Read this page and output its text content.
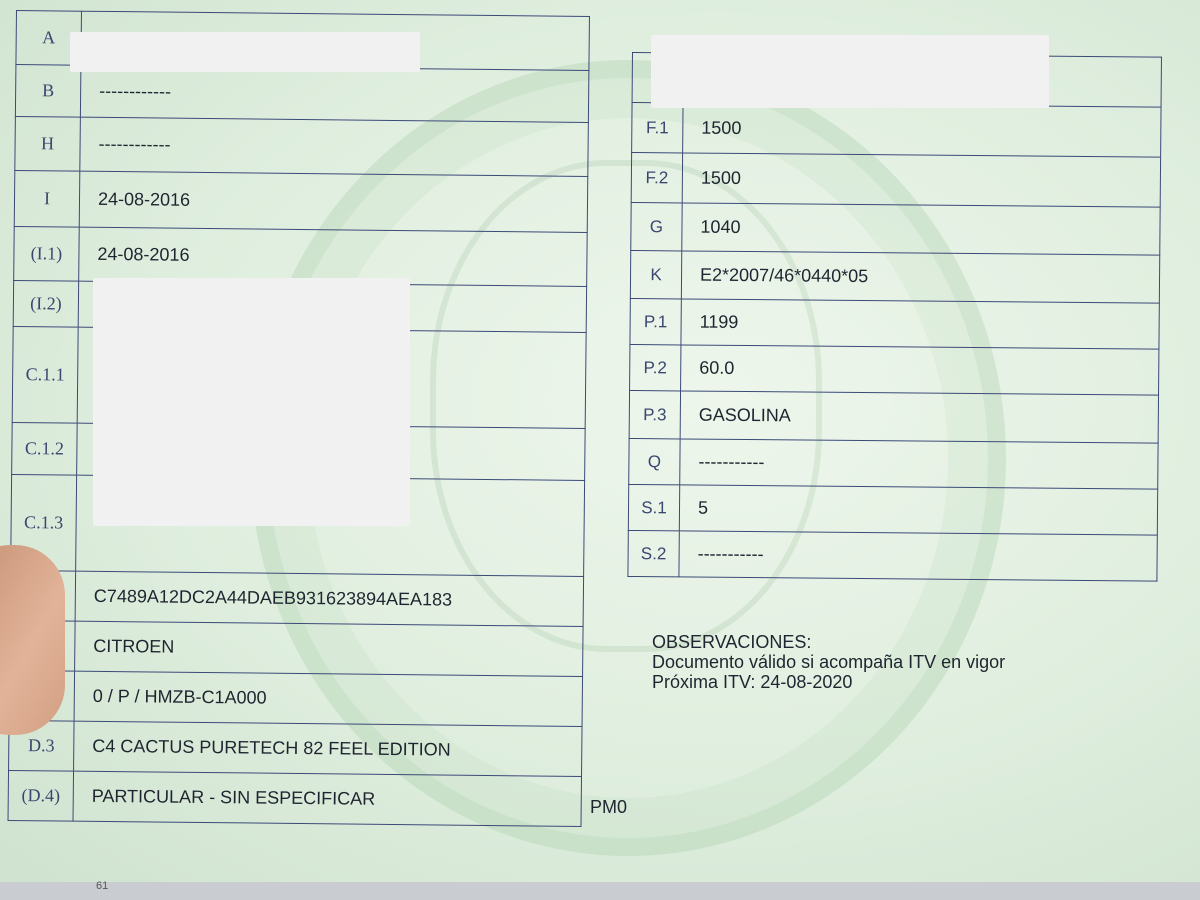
A	
B	------------
H	------------
I	24-08-2016
(I.1)	24-08-2016
(I.2)	
C.1.1	
C.1.2	
C.1.3	
	C7489A12DC2A44DAEB931623894AEA183
	CITROEN
	0 / P / HMZB-C1A000
D.3	C4 CACTUS PURETECH 82 FEEL EDITION
(D.4)	PARTICULAR - SIN ESPECIFICAR

F.1	1500
F.2	1500
G	1040
K	E2*2007/46*0440*05
P.1	1199
P.2	60.0
P.3	GASOLINA
Q	-----------
S.1	5
S.2	-----------
OBSERVACIONES:
Documento válido si acompaña ITV en vigor
Próxima ITV: 24-08-2020
PM0
61
